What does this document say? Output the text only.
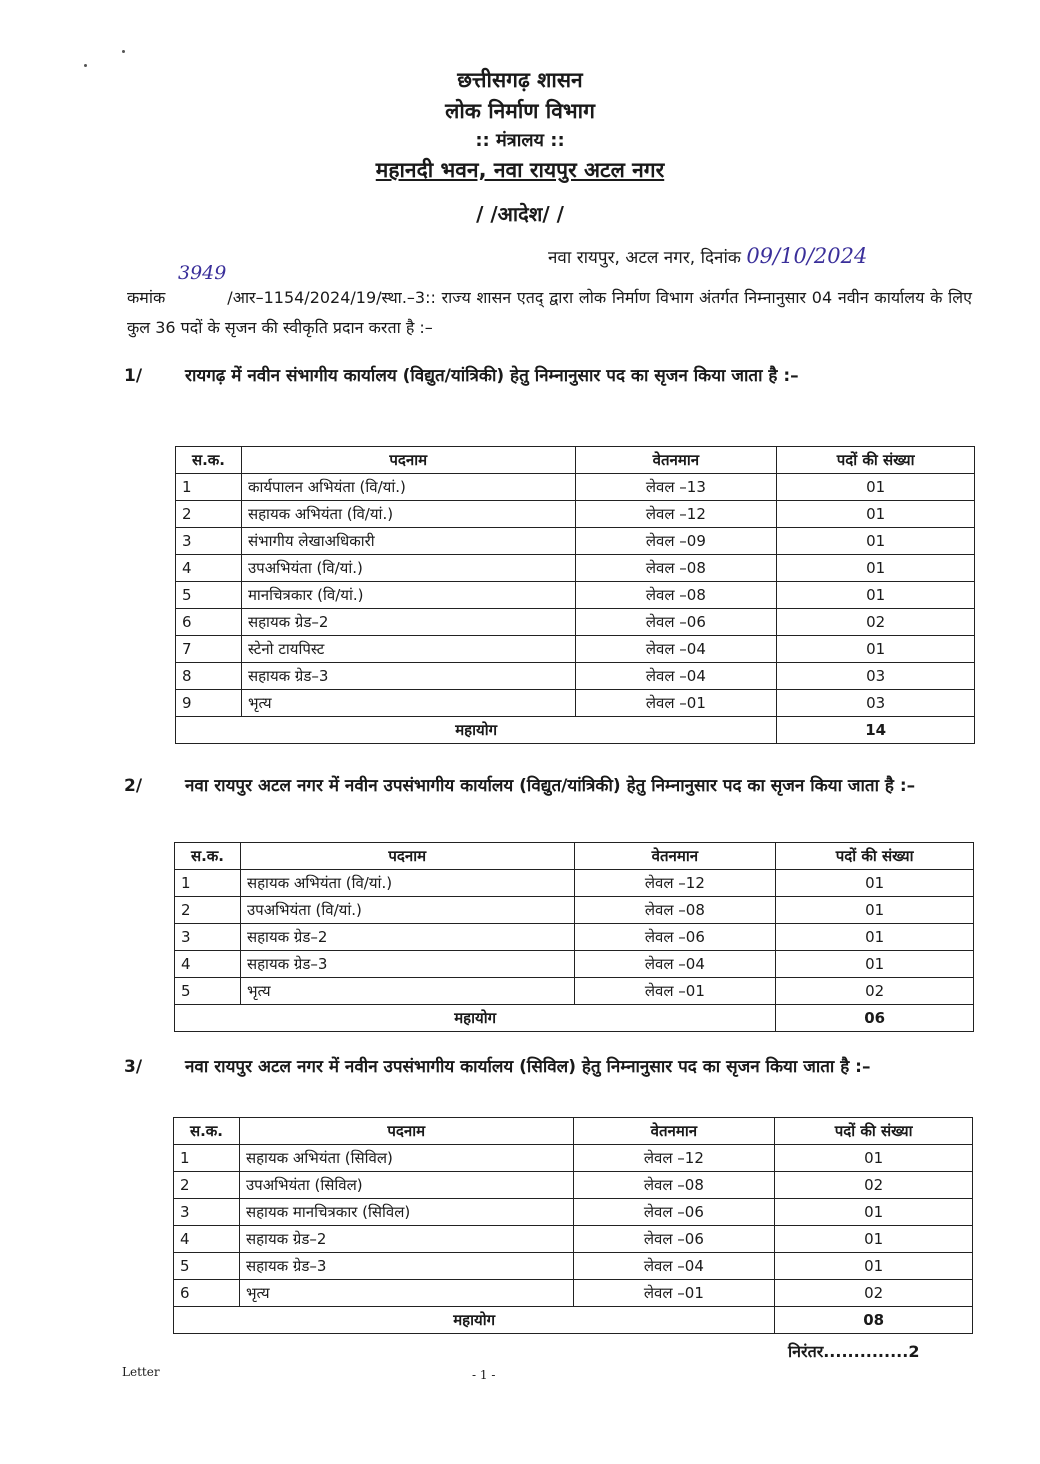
छत्तीसगढ़ शासन
लोक निर्माण विभाग
:: मंत्रालय ::
महानदी भवन, नवा रायपुर अटल नगर
/ /आदेश/ /
नवा रायपुर, अटल नगर, दिनांक 09/10/2024
3949
कमांक	/आर–1154/2024/19/स्था.–3:: राज्य शासन एतद् द्वारा लोक निर्माण विभाग अंतर्गत निम्नानुसार 04 नवीन कार्यालय के लिए कुल 36 पदों के सृजन की स्वीकृति प्रदान करता है :–
1/	रायगढ़ में नवीन संभागीय कार्यालय (विद्युत/यांत्रिकी) हेतु निम्नानुसार पद का सृजन किया जाता है :–
स.क.	पदनाम	वेतनमान	पदों की संख्या
1	कार्यपालन अभियंता (वि/यां.)	लेवल –13	01
2	सहायक अभियंता (वि/यां.)	लेवल –12	01
3	संभागीय लेखाअधिकारी	लेवल –09	01
4	उपअभियंता (वि/यां.)	लेवल –08	01
5	मानचित्रकार (वि/यां.)	लेवल –08	01
6	सहायक ग्रेड–2	लेवल –06	02
7	स्टेनो टायपिस्ट	लेवल –04	01
8	सहायक ग्रेड–3	लेवल –04	03
9	भृत्य	लेवल –01	03
महायोग			14
2/	नवा रायपुर अटल नगर में नवीन उपसंभागीय कार्यालय (विद्युत/यांत्रिकी) हेतु निम्नानुसार पद का सृजन किया जाता है :–
स.क.	पदनाम	वेतनमान	पदों की संख्या
1	सहायक अभियंता (वि/यां.)	लेवल –12	01
2	उपअभियंता (वि/यां.)	लेवल –08	01
3	सहायक ग्रेड–2	लेवल –06	01
4	सहायक ग्रेड–3	लेवल –04	01
5	भृत्य	लेवल –01	02
महायोग			06
3/	नवा रायपुर अटल नगर में नवीन उपसंभागीय कार्यालय (सिविल) हेतु निम्नानुसार पद का सृजन किया जाता है :–
स.क.	पदनाम	वेतनमान	पदों की संख्या
1	सहायक अभियंता (सिविल)	लेवल –12	01
2	उपअभियंता (सिविल)	लेवल –08	02
3	सहायक मानचित्रकार (सिविल)	लेवल –06	01
4	सहायक ग्रेड–2	लेवल –06	01
5	सहायक ग्रेड–3	लेवल –04	01
6	भृत्य	लेवल –01	02
महायोग			08
निरंतर..............2
Letter	- 1 -
